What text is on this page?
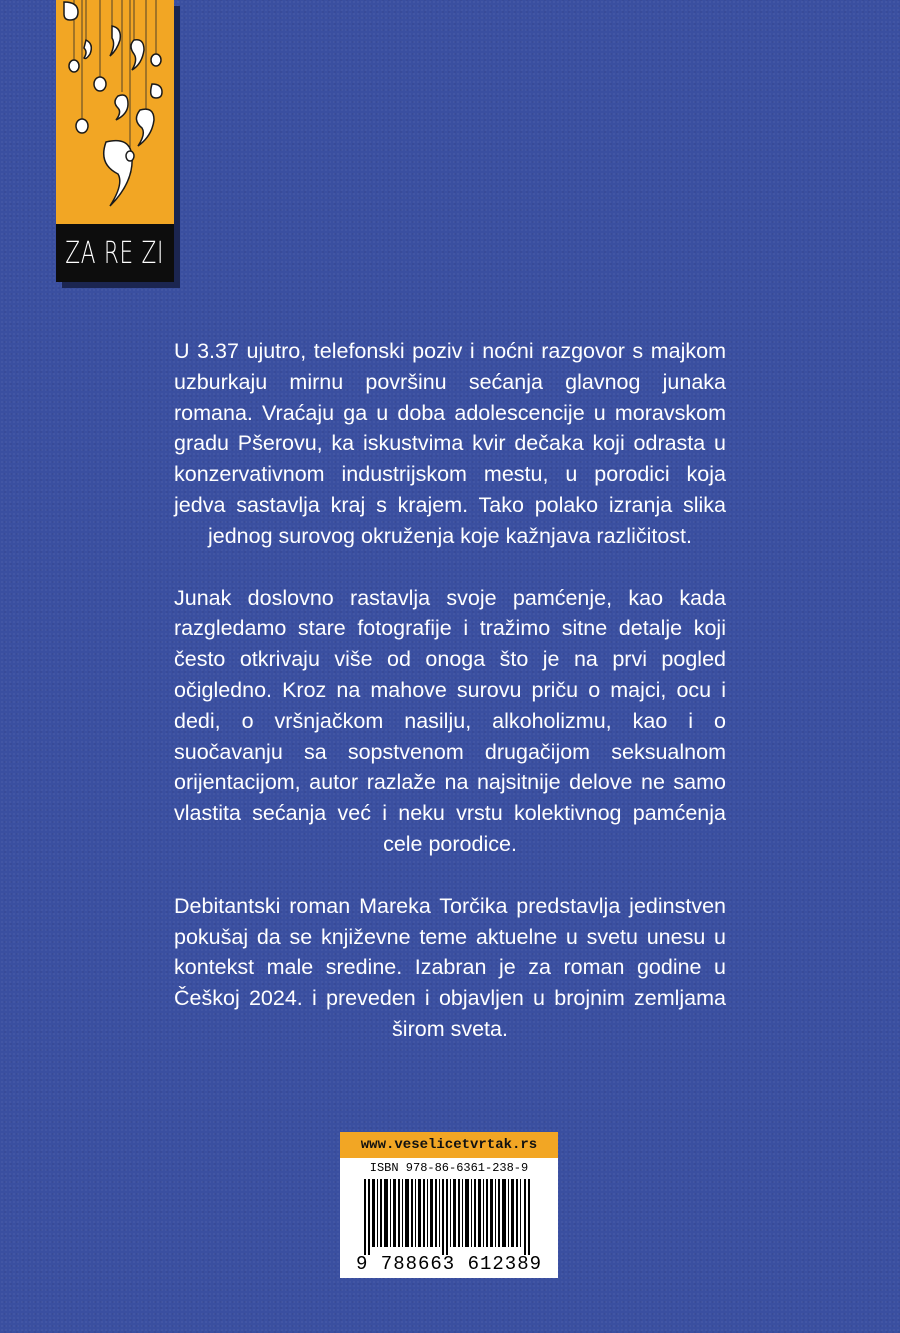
ZA RE ZI

U 3.37 ujutro, telefonski poziv i noćni razgovor s majkom uzburkaju mirnu površinu sećanja glavnog junaka romana. Vraćaju ga u doba adolescencije u moravskom gradu Pšerovu, ka iskustvima kvir dečaka koji odrasta u konzervativnom industrijskom mestu, u porodici koja jedva sastavlja kraj s krajem. Tako polako izranja slika jednog surovog okruženja koje kažnjava različitost.

Junak doslovno rastavlja svoje pamćenje, kao kada razgledamo stare fotografije i tražimo sitne detalje koji često otkrivaju više od onoga što je na prvi pogled očigledno. Kroz na mahove surovu priču o majci, ocu i dedi, o vršnjačkom nasilju, alkoholizmu, kao i o suočavanju sa sopstvenom drugačijom seksualnom orijentacijom, autor razlaže na najsitnije delove ne samo vlastita sećanja već i neku vrstu kolektivnog pamćenja cele porodice.

Debitantski roman Mareka Torčika predstavlja jedinstven pokušaj da se književne teme aktuelne u svetu unesu u kontekst male sredine. Izabran je za roman godine u Češkoj 2024. i preveden i objavljen u brojnim zemljama širom sveta.

www.veselicetvrtak.rs
ISBN 978-86-6361-238-9
9 788663 612389
